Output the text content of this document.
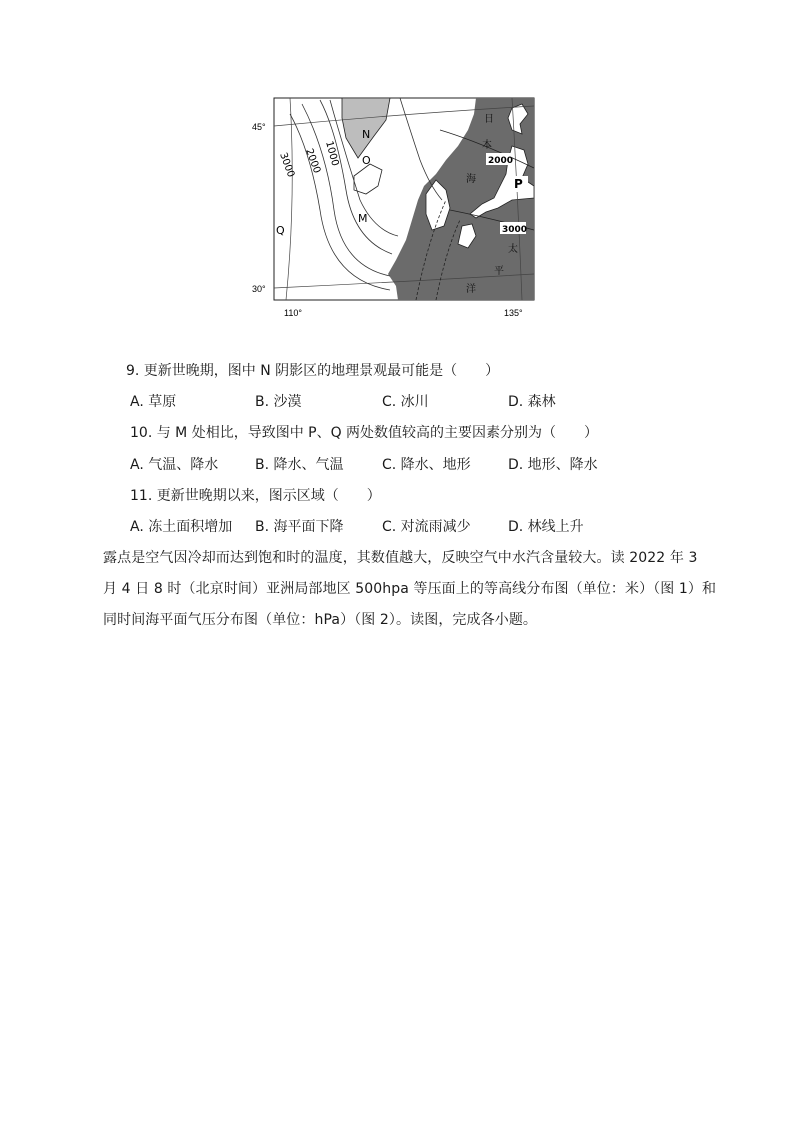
45°
30°
110°	135°
3000 2000 1000	2000
3000
N
O
M
Q
P
日
本
海
太
平
洋
9. 更新世晚期，图中 N 阴影区的地理景观最可能是（　　）
A. 草原	B. 沙漠	C. 冰川	D. 森林
10. 与 M 处相比，导致图中 P、Q 两处数值较高的主要因素分别为（　　）
A. 气温、降水	B. 降水、气温	C. 降水、地形	D. 地形、降水
11. 更新世晚期以来，图示区域（　　）
A. 冻土面积增加 B. 海平面下降	C. 对流雨减少	D. 林线上升
露点是空气因冷却而达到饱和时的温度，其数值越大，反映空气中水汽含量较大。读 2022 年 3
月 4 日 8 时（北京时间）亚洲局部地区 500hpa 等压面上的等高线分布图（单位：米）（图 1）和
同时间海平面气压分布图（单位：hPa）（图 2）。读图，完成各小题。
